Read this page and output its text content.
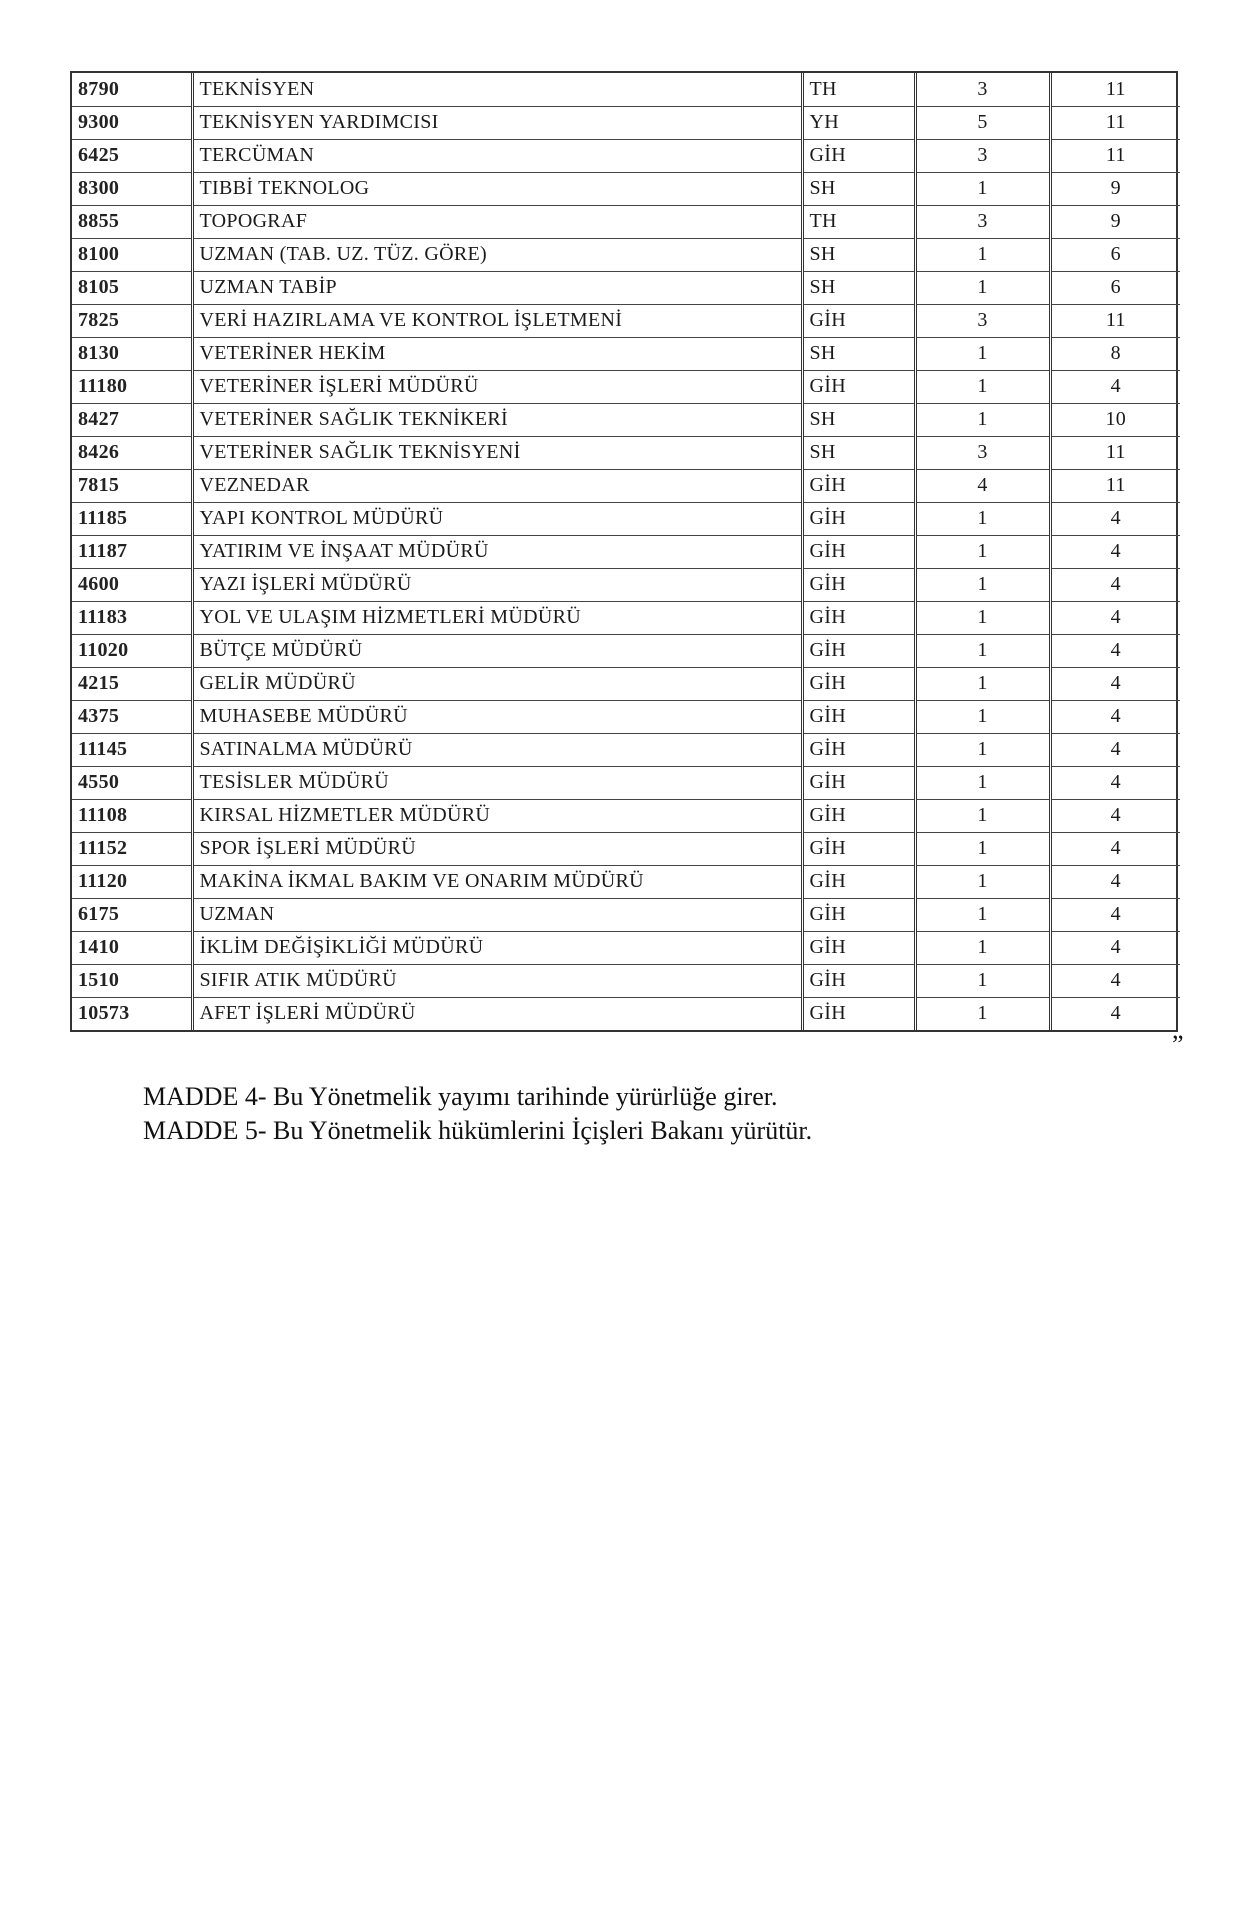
8790	TEKNİSYEN	TH	3	11
9300	TEKNİSYEN YARDIMCISI	YH	5	11
6425	TERCÜMAN	GİH	3	11
8300	TIBBİ TEKNOLOG	SH	1	9
8855	TOPOGRAF	TH	3	9
8100	UZMAN (TAB. UZ. TÜZ. GÖRE)	SH	1	6
8105	UZMAN TABİP	SH	1	6
7825	VERİ HAZIRLAMA VE KONTROL İŞLETMENİ	GİH	3	11
8130	VETERİNER HEKİM	SH	1	8
11180	VETERİNER İŞLERİ MÜDÜRÜ	GİH	1	4
8427	VETERİNER SAĞLIK TEKNİKERİ	SH	1	10
8426	VETERİNER SAĞLIK TEKNİSYENİ	SH	3	11
7815	VEZNEDAR	GİH	4	11
11185	YAPI KONTROL MÜDÜRÜ	GİH	1	4
11187	YATIRIM VE İNŞAAT MÜDÜRÜ	GİH	1	4
4600	YAZI İŞLERİ MÜDÜRÜ	GİH	1	4
11183	YOL VE ULAŞIM HİZMETLERİ MÜDÜRÜ	GİH	1	4
11020	BÜTÇE MÜDÜRÜ	GİH	1	4
4215	GELİR MÜDÜRÜ	GİH	1	4
4375	MUHASEBE MÜDÜRÜ	GİH	1	4
11145	SATINALMA MÜDÜRÜ	GİH	1	4
4550	TESİSLER MÜDÜRÜ	GİH	1	4
11108	KIRSAL HİZMETLER MÜDÜRÜ	GİH	1	4
11152	SPOR İŞLERİ MÜDÜRÜ	GİH	1	4
11120	MAKİNA İKMAL BAKIM VE ONARIM MÜDÜRÜ	GİH	1	4
6175	UZMAN	GİH	1	4
1410	İKLİM DEĞİŞİKLİĞİ MÜDÜRÜ	GİH	1	4
1510	SIFIR ATIK MÜDÜRÜ	GİH	1	4
10573	AFET İŞLERİ MÜDÜRÜ	GİH	1	4
”

MADDE 4- Bu Yönetmelik yayımı tarihinde yürürlüğe girer.

MADDE 5- Bu Yönetmelik hükümlerini İçişleri Bakanı yürütür.
